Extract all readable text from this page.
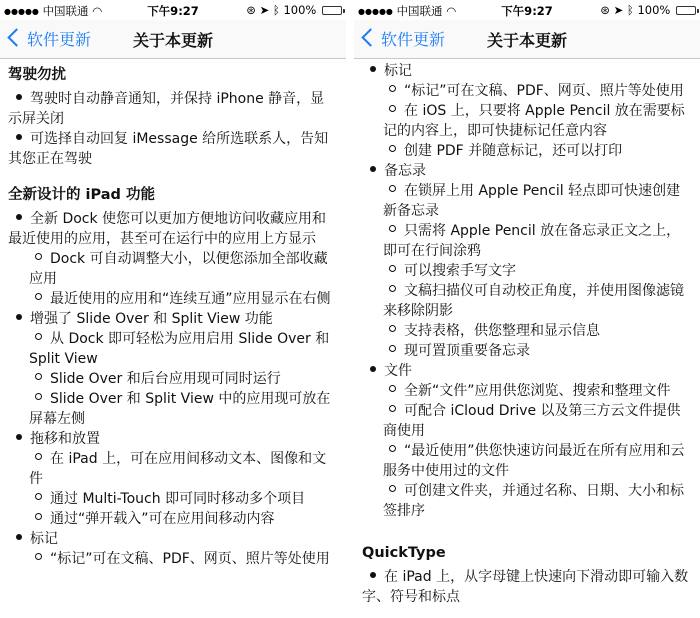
●●●●● 中国联通 ◠	下午9:27	⊛ ➤ ᛒ 100%
软件更新	关于本更新
驾驶勿扰

驾驶时自动静音通知，并保持 iPhone 静音，显示屏关闭

可选择自动回复 iMessage 给所选联系人，告知其您正在驾驶

全新设计的 iPad 功能

全新 Dock 使您可以更加方便地访问收藏应用和最近使用的应用，甚至可在运行中的应用上方显示

Dock 可自动调整大小，以便您添加全部收藏应用

最近使用的应用和“连续互通”应用显示在右侧

增强了 Slide Over 和 Split View 功能

从 Dock 即可轻松为应用启用 Slide Over 和 Split View

Slide Over 和后台应用现可同时运行

Slide Over 和 Split View 中的应用现可放在屏幕左侧

拖移和放置

在 iPad 上，可在应用间移动文本、图像和文件

通过 Multi-Touch 即可同时移动多个项目

通过“弹开载入”可在应用间移动内容

标记

“标记”可在文稿、PDF、网页、照片等处使用

●●●●● 中国联通 ◠	下午9:27	⊛ ➤ ᛒ 100%
软件更新	关于本更新

标记

“标记”可在文稿、PDF、网页、照片等处使用

在 iOS 上，只要将 Apple Pencil 放在需要标记的内容上，即可快捷标记任意内容

创建 PDF 并随意标记，还可以打印

备忘录

在锁屏上用 Apple Pencil 轻点即可快速创建新备忘录

只需将 Apple Pencil 放在备忘录正文之上，即可在行间涂鸦

可以搜索手写文字

文稿扫描仪可自动校正角度，并使用图像滤镜来移除阴影

支持表格，供您整理和显示信息

现可置顶重要备忘录

文件

全新“文件”应用供您浏览、搜索和整理文件

可配合 iCloud Drive 以及第三方云文件提供商使用

“最近使用”供您快速访问最近在所有应用和云服务中使用过的文件

可创建文件夹，并通过名称、日期、大小和标签排序

QuickType

在 iPad 上，从字母键上快速向下滑动即可输入数字、符号和标点
